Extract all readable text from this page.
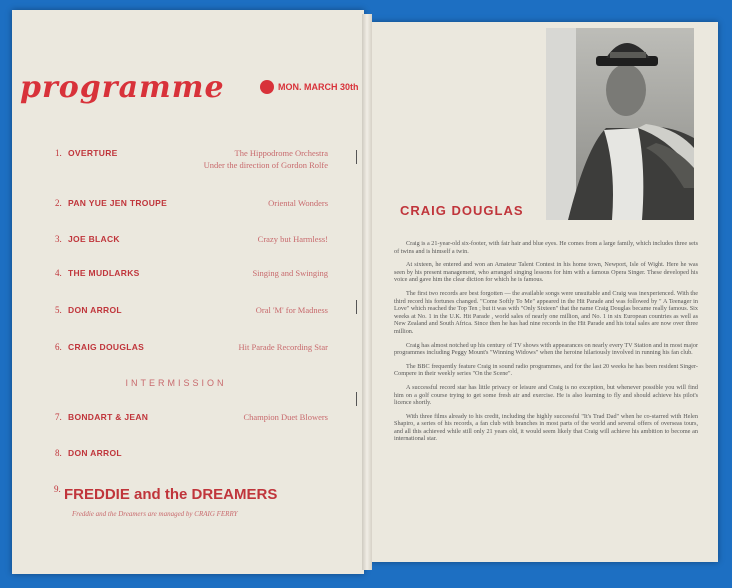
programme	MON. MARCH 30th
1. OVERTURE	The Hippodrome Orchestra
Under the direction of Gordon Rolfe
2. PAN YUE JEN TROUPE	Oriental Wonders
3. JOE BLACK	Crazy but Harmless!
4. THE MUDLARKS	Singing and Swinging
5. DON ARROL	Oral 'M' for Madness
6. CRAIG DOUGLAS	Hit Parade Recording Star
INTERMISSION
7. BONDART & JEAN	Champion Duet Blowers
8. DON ARROL
9. FREDDIE and the DREAMERS
Freddie and the Dreamers are managed by CRAIG FERRY
CRAIG DOUGLAS

Craig is a 21-year-old six-footer, with fair hair and blue eyes. He comes from a large family, which includes three sets of twins and is himself a twin.

At sixteen, he entered and won an Amateur Talent Contest in his home town, Newport, Isle of Wight. Here he was seen by his present management, who arranged singing lessons for him with a famous Opera Singer. These developed his voice and gave him the clear diction for which he is famous.

The first two records are best forgotten — the available songs were unsuitable and Craig was inexperienced. With the third record his fortunes changed. "Come Softly To Me" appeared in the Hit Parade and was followed by " A Teenager in Love" which reached the Top Ten ; but it was with "Only Sixteen" that the name Craig Douglas became really famous. Six weeks at No. 1 in the U.K. Hit Parade , world sales of nearly one million, and No. 1 in six European countries as well as New Zealand and South Africa. Since then he has had nine records in the Hit Parade and his total sales are now over three million.

Craig has almost notched up his century of TV shows with appearances on nearly every TV Station and in most major programmes including Peggy Mount's "Winning Widows" when the heroine hilariously involved in running his fan club.

The BBC frequently feature Craig in sound radio programmes, and for the last 20 weeks he has been resident Singer-Compere in their weekly series "On the Scene".

A successful record star has little privacy or leisure and Craig is no exception, but whenever possible you will find him on a golf course trying to get some fresh air and exercise. He is also learning to fly and should achieve his pilot's licence shortly.

With three films already to his credit, including the highly successful "It's Trad Dad" when he co-starred with Helen Shapiro, a series of his records, a fan club with branches in most parts of the world and several offers of overseas tours, and all this achieved while still only 21 years old, it would seem likely that Craig will achieve his ambition to become an international star.
